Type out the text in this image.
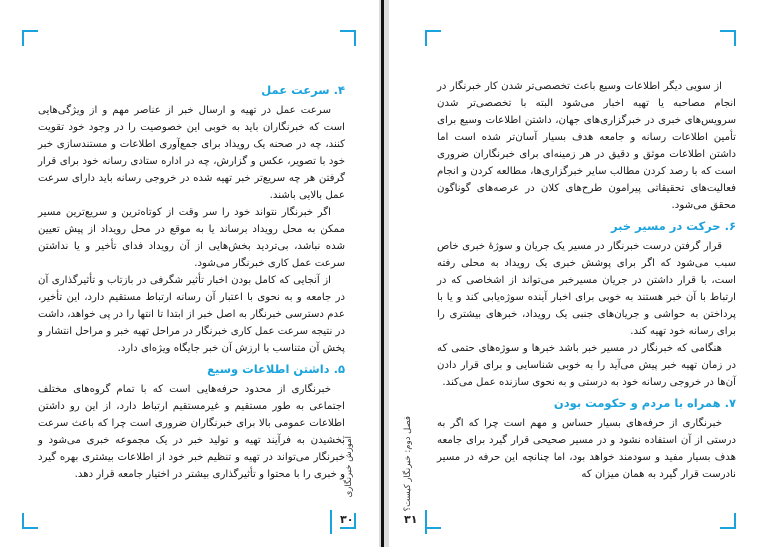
۴. سرعت عمل

سرعت عمل در تهیه و ارسال خبر از عناصر مهم و از ویژگی‌هایی است که خبرنگاران باید به خوبی این خصوصیت را در وجود خود تقویت کنند، چه در صحنه یک رویداد برای جمع‌آوری اطلاعات و مستندسازی خبر خود با تصویر، عکس و گزارش، چه در اداره ستادی رسانه خود برای قرار گرفتن هر چه سریع‌تر خبر تهیه شده در خروجی رسانه باید دارای سرعت عمل بالایی باشند.

اگر خبرنگار نتواند خود را سر وقت از کوتاه‌ترین و سریع‌ترین مسیر ممکن به محل رویداد برساند یا به موقع در محل رویداد از پیش تعیین شده نباشد، بی‌تردید بخش‌هایی از آن رویداد فدای تأخیر و یا نداشتن سرعت عمل کاری خبرنگار می‌شود.

از آنجایی که کامل بودن اخبار تأثیر شگرفی در بازتاب و تأثیرگذاری آن در جامعه و به نحوی با اعتبار آن رسانه ارتباط مستقیم دارد، این تأخیر، عدم دسترسی خبرنگار به اصل خبر از ابتدا تا انتها را در پی خواهد، داشت در نتیجه سرعت عمل کاری خبرنگار در مراحل تهیه خبر و مراحل انتشار و پخش آن متناسب با ارزش آن خبر جایگاه ویژه‌ای دارد.

۵. داشتن اطلاعات وسیع

خبرنگاری از محدود حرفه‌هایی است که با تمام گروه‌های مختلف اجتماعی به طور مستقیم و غیرمستقیم ارتباط دارد، از این رو داشتن اطلاعات عمومی بالا برای خبرنگاران ضروری است چرا که باعث سرعت بخشیدن به فرآیند تهیه و تولید خبر در یک مجموعه خبری می‌شود و خبرنگار می‌تواند در تهیه و تنظیم خبر خود از اطلاعات بیشتری بهره گیرد و خبری را با محتوا و تأثیرگذاری بیشتر در اختیار جامعه قرار دهد. آموزش خبرنگاری
۳۰

از سویی دیگر اطلاعات وسیع باعث تخصصی‌تر شدن کار خبرنگار در انجام مصاحبه یا تهیه اخبار می‌شود البته با تخصصی‌تر شدن سرویس‌های خبری در خبرگزاری‌های جهان، داشتن اطلاعات وسیع برای تأمین اطلاعات رسانه و جامعه هدف بسیار آسان‌تر شده است اما داشتن اطلاعات موثق و دقیق در هر زمینه‌ای برای خبرنگاران ضروری است که با رصد کردن مطالب سایر خبرگزاری‌ها، مطالعه کردن و انجام فعالیت‌های تحقیقاتی پیرامون طرح‌های کلان در عرصه‌های گوناگون محقق می‌شود.

۶. حرکت در مسیر خبر

قرار گرفتن درست خبرنگار در مسیر یک جریان و سوژهٔ خبری خاص سبب می‌شود که اگر برای پوشش خبری یک رویداد به محلی رفته است، با قرار داشتن در جریان مسیرخبر می‌تواند از اشخاصی که در ارتباط با آن خبر هستند به خوبی برای اخبار آینده سوژه‌یابی کند و یا با پرداختن به حواشی و جریان‌های جنبی یک رویداد، خبرهای بیشتری را برای رسانه خود تهیه کند.

هنگامی که خبرنگار در مسیر خبر باشد خبرها و سوژه‌های حتمی که در زمان تهیه خبر پیش می‌آید را به خوبی شناسایی و برای قرار دادن آن‌ها در خروجی رسانه خود به درستی و به نحوی سازنده عمل می‌کند.

۷. همراه با مردم و حکومت بودن

خبرنگاری از حرفه‌های بسیار حساس و مهم است چرا که اگر به درستی از آن استفاده نشود و در مسیر صحیحی قرار گیرد برای جامعه هدف بسیار مفید و سودمند خواهد بود، اما چنانچه این حرفه در مسیر نادرست قرار گیرد به همان میزان که

فصل دوم: خبرنگار کیست؟
۳۱
